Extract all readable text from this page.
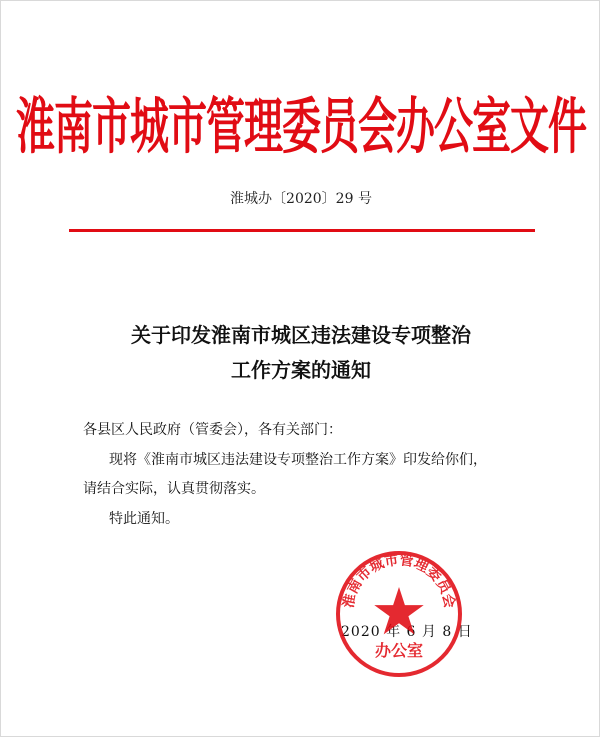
淮南市城市管理委员会办公室文件
淮城办〔2020〕29 号
关于印发淮南市城区违法建设专项整治
工作方案的通知
各县区人民政府（管委会），各有关部门：
现将《淮南市城区违法建设专项整治工作方案》印发给你们，
请结合实际，认真贯彻落实。
特此通知。
2020 年 6 月 8 日
淮南市城市管理委员会
办公室
